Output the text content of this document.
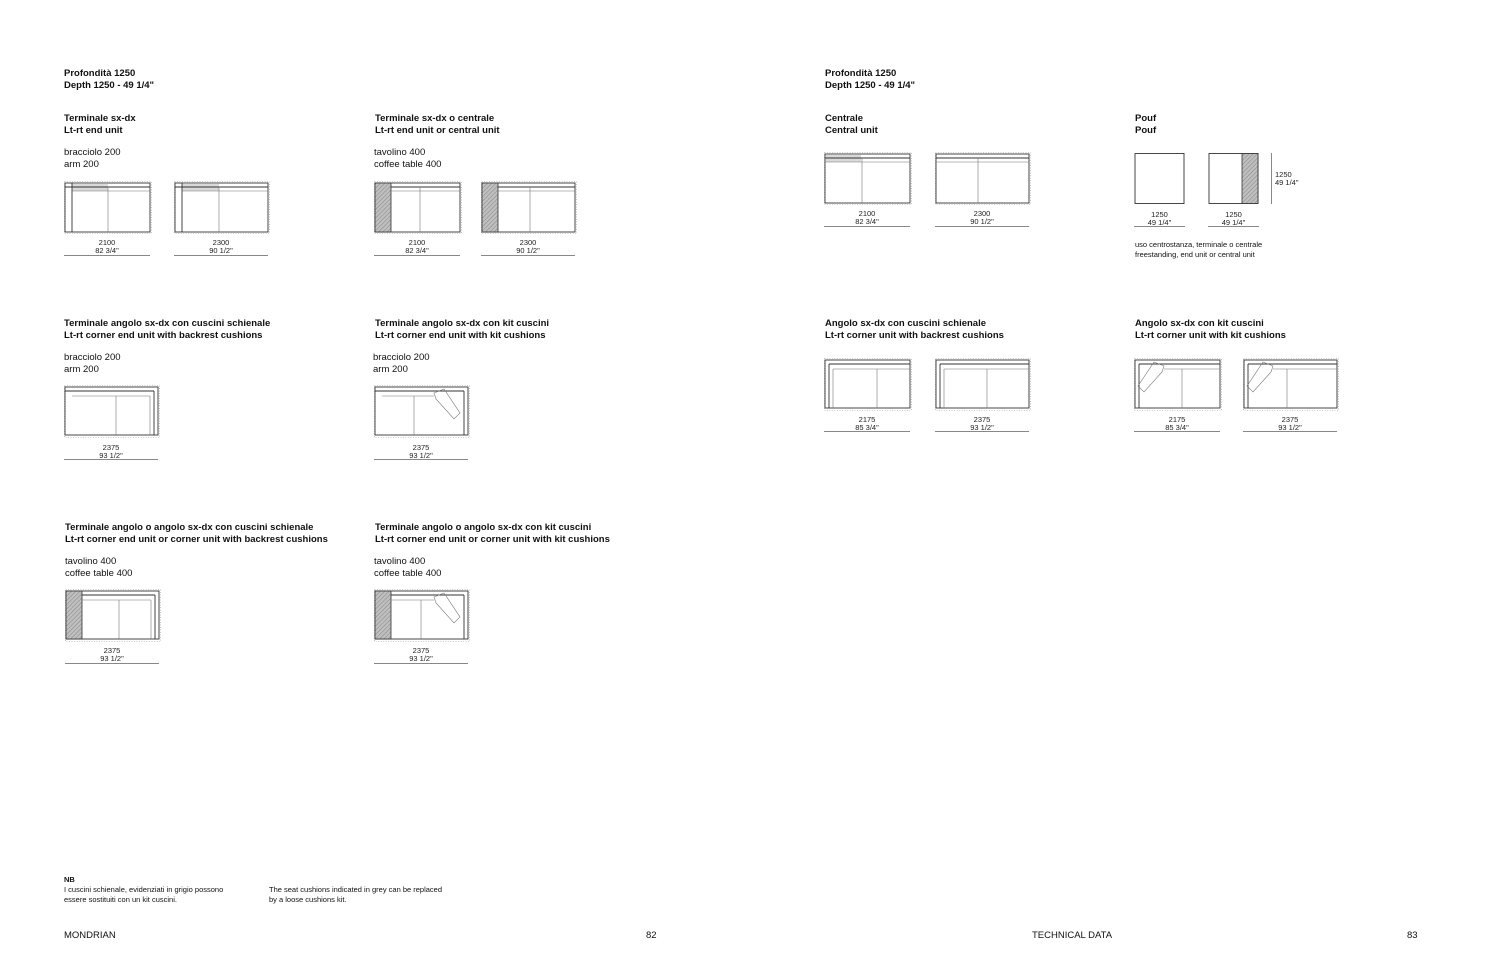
Profondità 1250
Depth 1250 - 49 1/4"
Terminale sx-dx
Lt-rt end unit
bracciolo 200
arm 200
2100
82 3/4"
2300
90 1/2"
Terminale sx-dx o centrale
Lt-rt end unit or central unit
tavolino 400
coffee table 400
2100
82 3/4"
2300
90 1/2"
Terminale angolo sx-dx con cuscini schienale
Lt-rt corner end unit with backrest cushions
bracciolo 200
arm 200
2375
93 1/2"
Terminale angolo sx-dx con kit cuscini
Lt-rt corner end unit with kit cushions
bracciolo 200
arm 200
2375
93 1/2"
Terminale angolo o angolo sx-dx con cuscini schienale
Lt-rt corner end unit or corner unit with backrest cushions
tavolino 400
coffee table 400
2375
93 1/2"
Terminale angolo o angolo sx-dx con kit cuscini
Lt-rt corner end unit or corner unit with kit cushions
tavolino 400
coffee table 400
2375
93 1/2"
NB
I cuscini schienale, evidenziati in grigio possono
essere sostituiti con un kit cuscini.
The seat cushions indicated in grey can be replaced
by a loose cushions kit.
MONDRIAN	82
Profondità 1250
Depth 1250 - 49 1/4"
Centrale
Central unit
2100
82 3/4"
2300
90 1/2"
Pouf
Pouf
1250
49 1/4"
1250
49 1/4"
1250
49 1/4"
uso centrostanza, terminale o centrale
freestanding, end unit or central unit
Angolo sx-dx con cuscini schienale
Lt-rt corner unit with backrest cushions
2175
85 3/4"
2375
93 1/2"
Angolo sx-dx con kit cuscini
Lt-rt corner unit with kit cushions
2175
85 3/4"
2375
93 1/2"
TECHNICAL DATA	83
